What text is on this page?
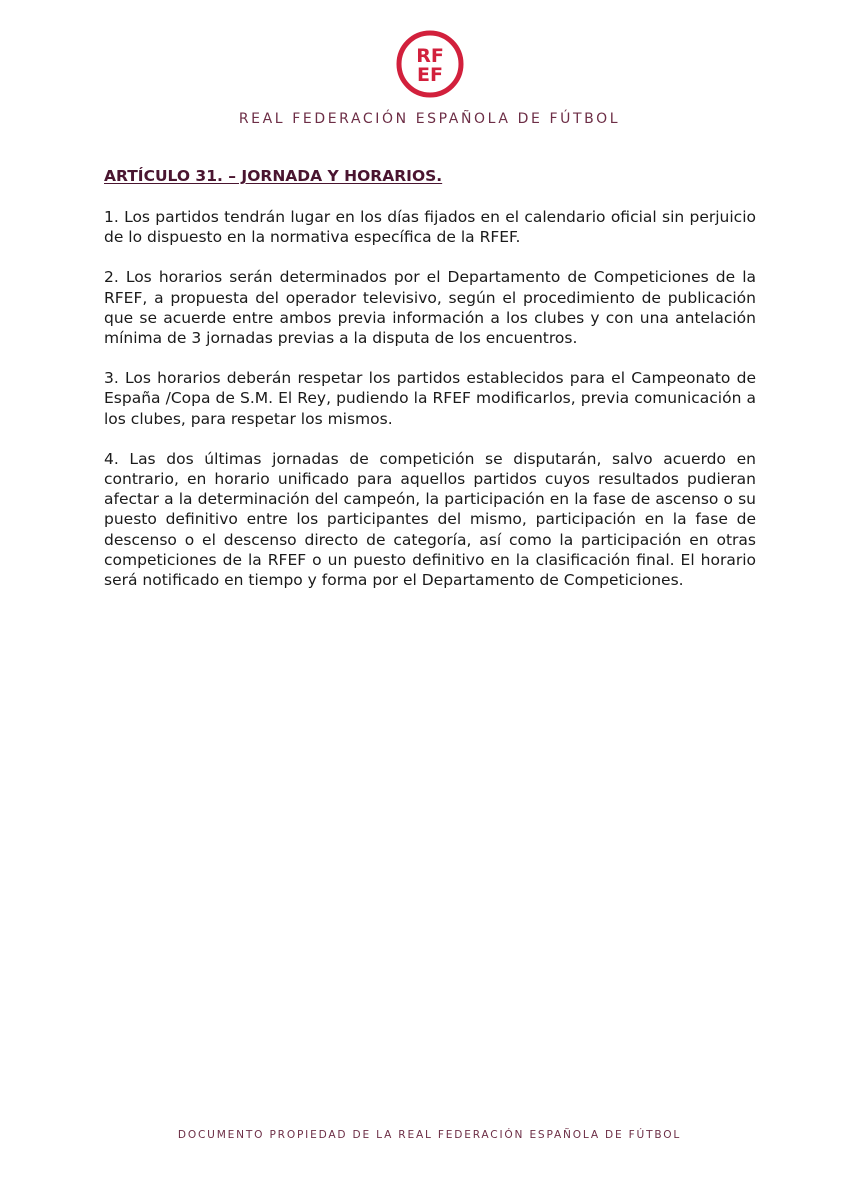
RF
EF
REAL FEDERACIÓN ESPAÑOLA DE FÚTBOL
ARTÍCULO 31. – JORNADA Y HORARIOS.

1. Los partidos tendrán lugar en los días fijados en el calendario oficial sin perjuicio de lo dispuesto en la normativa específica de la RFEF.

2. Los horarios serán determinados por el Departamento de Competiciones de la RFEF, a propuesta del operador televisivo, según el procedimiento de publicación que se acuerde entre ambos previa información a los clubes y con una antelación mínima de 3 jornadas previas a la disputa de los encuentros.

3. Los horarios deberán respetar los partidos establecidos para el Campeonato de España /Copa de S.M. El Rey, pudiendo la RFEF modificarlos, previa comunicación a los clubes, para respetar los mismos.

4. Las dos últimas jornadas de competición se disputarán, salvo acuerdo en contrario, en horario unificado para aquellos partidos cuyos resultados pudieran afectar a la determinación del campeón, la participación en la fase de ascenso o su puesto definitivo entre los participantes del mismo, participación en la fase de descenso o el descenso directo de categoría, así como la participación en otras competiciones de la RFEF o un puesto definitivo en la clasificación final. El horario será notificado en tiempo y forma por el Departamento de Competiciones.

DOCUMENTO PROPIEDAD DE LA REAL FEDERACIÓN ESPAÑOLA DE FÚTBOL
